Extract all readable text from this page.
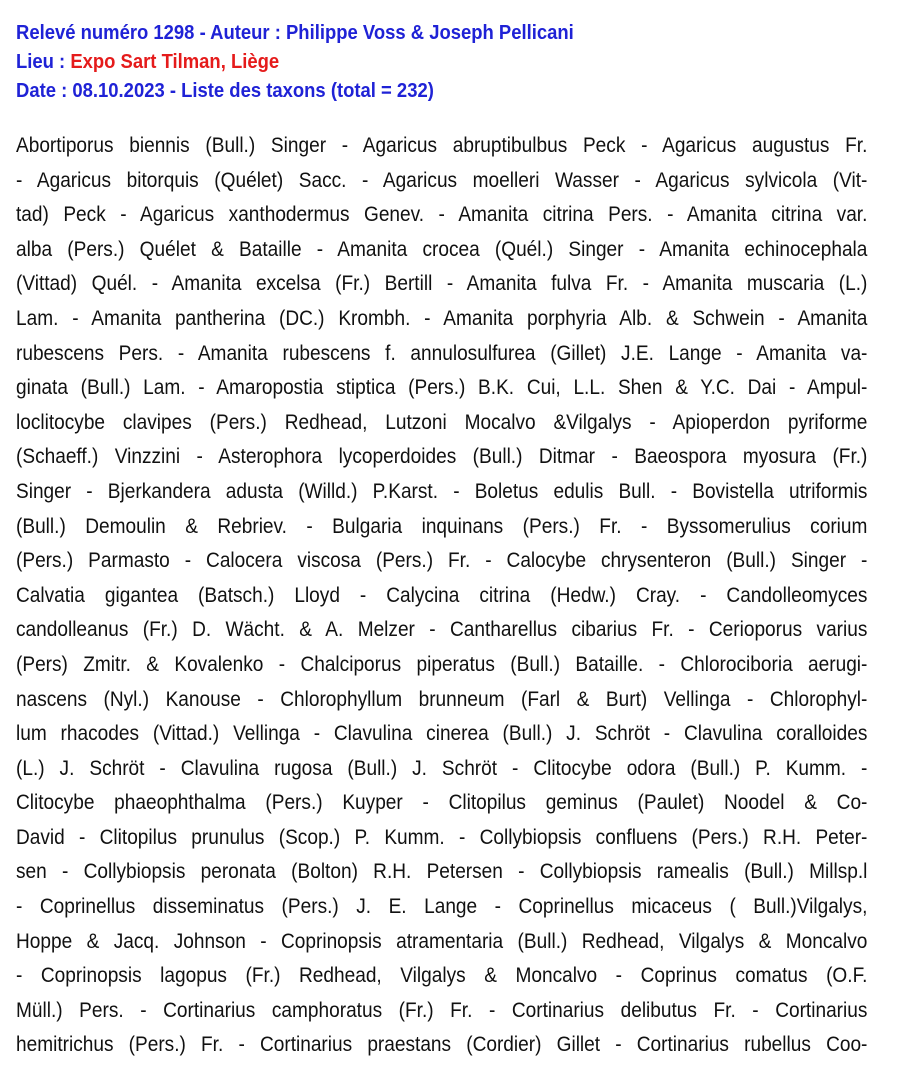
Relevé numéro 1298 - Auteur : Philippe Voss & Joseph Pellicani
Lieu : Expo Sart Tilman, Liège
Date : 08.10.2023 - Liste des taxons (total = 232)
Abortiporus biennis (Bull.) Singer - Agaricus abruptibulbus Peck - Agaricus augustus Fr.
- Agaricus bitorquis (Quélet) Sacc. - Agaricus moelleri Wasser - Agaricus sylvicola (Vit-
tad) Peck - Agaricus xanthodermus Genev. - Amanita citrina Pers. - Amanita citrina var.
alba (Pers.) Quélet & Bataille - Amanita crocea (Quél.) Singer - Amanita echinocephala
(Vittad) Quél. - Amanita excelsa (Fr.) Bertill - Amanita fulva Fr. - Amanita muscaria (L.)
Lam. - Amanita pantherina (DC.) Krombh. - Amanita porphyria Alb. & Schwein - Amanita
rubescens Pers. - Amanita rubescens f. annulosulfurea (Gillet) J.E. Lange - Amanita va-
ginata (Bull.) Lam. - Amaropostia stiptica (Pers.) B.K. Cui, L.L. Shen & Y.C. Dai - Ampul-
loclitocybe clavipes (Pers.) Redhead, Lutzoni Mocalvo &Vilgalys - Apioperdon pyriforme
(Schaeff.) Vinzzini - Asterophora lycoperdoides (Bull.) Ditmar - Baeospora myosura (Fr.)
Singer - Bjerkandera adusta (Willd.) P.Karst. - Boletus edulis Bull. - Bovistella utriformis
(Bull.) Demoulin & Rebriev. - Bulgaria inquinans (Pers.) Fr. - Byssomerulius corium
(Pers.) Parmasto - Calocera viscosa (Pers.) Fr. - Calocybe chrysenteron (Bull.) Singer -
Calvatia gigantea (Batsch.) Lloyd - Calycina citrina (Hedw.) Cray. - Candolleomyces
candolleanus (Fr.) D. Wächt. & A. Melzer - Cantharellus cibarius Fr. - Cerioporus varius
(Pers) Zmitr. & Kovalenko - Chalciporus piperatus (Bull.) Bataille. - Chlorociboria aerugi-
nascens (Nyl.) Kanouse - Chlorophyllum brunneum (Farl & Burt) Vellinga - Chlorophyl-
lum rhacodes (Vittad.) Vellinga - Clavulina cinerea (Bull.) J. Schröt - Clavulina coralloides
(L.) J. Schröt - Clavulina rugosa (Bull.) J. Schröt - Clitocybe odora (Bull.) P. Kumm. -
Clitocybe phaeophthalma (Pers.) Kuyper - Clitopilus geminus (Paulet) Noodel & Co-
David - Clitopilus prunulus (Scop.) P. Kumm. - Collybiopsis confluens (Pers.) R.H. Peter-
sen - Collybiopsis peronata (Bolton) R.H. Petersen - Collybiopsis ramealis (Bull.) Millsp.l
- Coprinellus disseminatus (Pers.) J. E. Lange - Coprinellus micaceus ( Bull.)Vilgalys,
Hoppe & Jacq. Johnson - Coprinopsis atramentaria (Bull.) Redhead, Vilgalys & Moncalvo
- Coprinopsis lagopus (Fr.) Redhead, Vilgalys & Moncalvo - Coprinus comatus (O.F.
Müll.) Pers. - Cortinarius camphoratus (Fr.) Fr. - Cortinarius delibutus Fr. - Cortinarius
hemitrichus (Pers.) Fr. - Cortinarius praestans (Cordier) Gillet - Cortinarius rubellus Coo-
